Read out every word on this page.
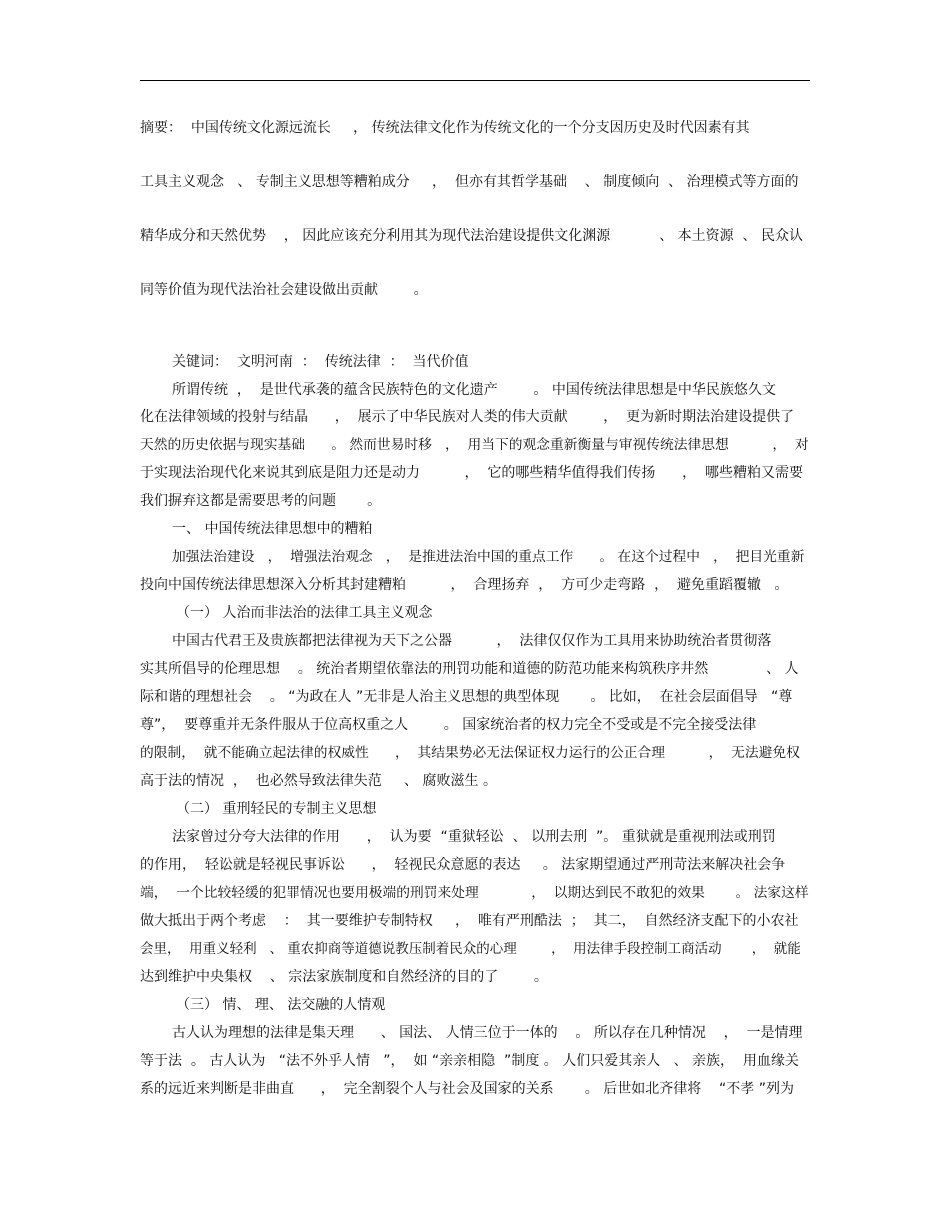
摘要：  中国传统文化源远流长     ， 传统法律文化作为传统文化的一个分支因历史及时代因素有其
工具主义观念   、 专制主义思想等糟粕成分     ，  但亦有其哲学基础    、 制度倾向  、 治理模式等方面的
精华成分和天然优势    ， 因此应该充分利用其为现代法治建设提供文化渊源           、 本土资源  、 民众认
同等价值为现代法治社会建设做出贡献        。
关键词：  文明河南  ：  传统法律  ：  当代价值
所谓传统  ，  是世代承袭的蕴含民族特色的文化遗产        。 中国传统法律思想是中华民族悠久文
化在法律领域的投射与结晶      ，  展示了中华民族对人类的伟大贡献        ，  更为新时期法治建设提供了
天然的历史依据与现实基础      。 然而世易时移   ，  用当下的观念重新衡量与审视传统法律思想          ，  对
于实现法治现代化来说其到底是阻力还是动力          ，  它的哪些精华值得我们传扬      ，  哪些糟粕又需要
我们摒弃这都是需要思考的问题       。
一、 中国传统法律思想中的糟粕
加强法治建设   ，  增强法治观念   ，  是推进法治中国的重点工作      。 在这个过程中   ，  把目光重新
投向中国传统法律思想深入分析其封建糟粕          ，  合理扬弃  ，  方可少走弯路  ，  避免重蹈覆辙   。
（一） 人治而非法治的法律工具主义观念
中国古代君王及贵族都把法律视为天下之公器          ，  法律仅仅作为工具用来协助统治者贯彻落
实其所倡导的伦理思想    。 统治者期望依靠法的刑罚功能和道德的防范功能来构筑秩序井然             、 人
际和谐的理想社会    。 “为政在人 ”无非是人治主义思想的典型体现       。 比如，  在社会层面倡导   “尊
尊”，  要尊重并无条件服从于位高权重之人        。 国家统治者的权力完全不受或是不完全接受法律
的限制，  就不能确立起法律的权威性      ，  其结果势必无法保证权力运行的公正合理          ，  无法避免权
高于法的情况  ，  也必然导致法律失范     、 腐败滋生 。
（二） 重刑轻民的专制主义思想
法家曾过分夸大法律的作用      ，  认为要  “重狱轻讼  、 以刑去刑  ”。 重狱就是重视刑法或刑罚
的作用，  轻讼就是轻视民事诉讼      ，  轻视民众意愿的表达     。 法家期望通过严刑苛法来解决社会争
端，  一个比较轻缓的犯罪情况也要用极端的刑罚来处理            ，  以期达到民不敢犯的效果       。 法家这样
做大抵出于两个考虑    ：  其一要维护专制特权     ，  唯有严刑酷法  ；  其二，  自然经济支配下的小农社
会里，  用重义轻利   、 重农抑商等道德说教压制着民众的心理        ，  用法律手段控制工商活动       ，  就能
达到维护中央集权    、 宗法家族制度和自然经济的目的了        。
（三） 情、 理、 法交融的人情观
古人认为理想的法律是集天理      、 国法、 人情三位于一体的    。 所以存在几种情况    ，  一是情理
等于法  。 古人认为   “法不外乎人情   ”，  如 “亲亲相隐  ”制度 。 人们只爱其亲人   、 亲族，  用血缘关
系的远近来判断是非曲直      ，  完全割裂个人与社会及国家的关系       。 后世如北齐律将    “不孝 ”列为
